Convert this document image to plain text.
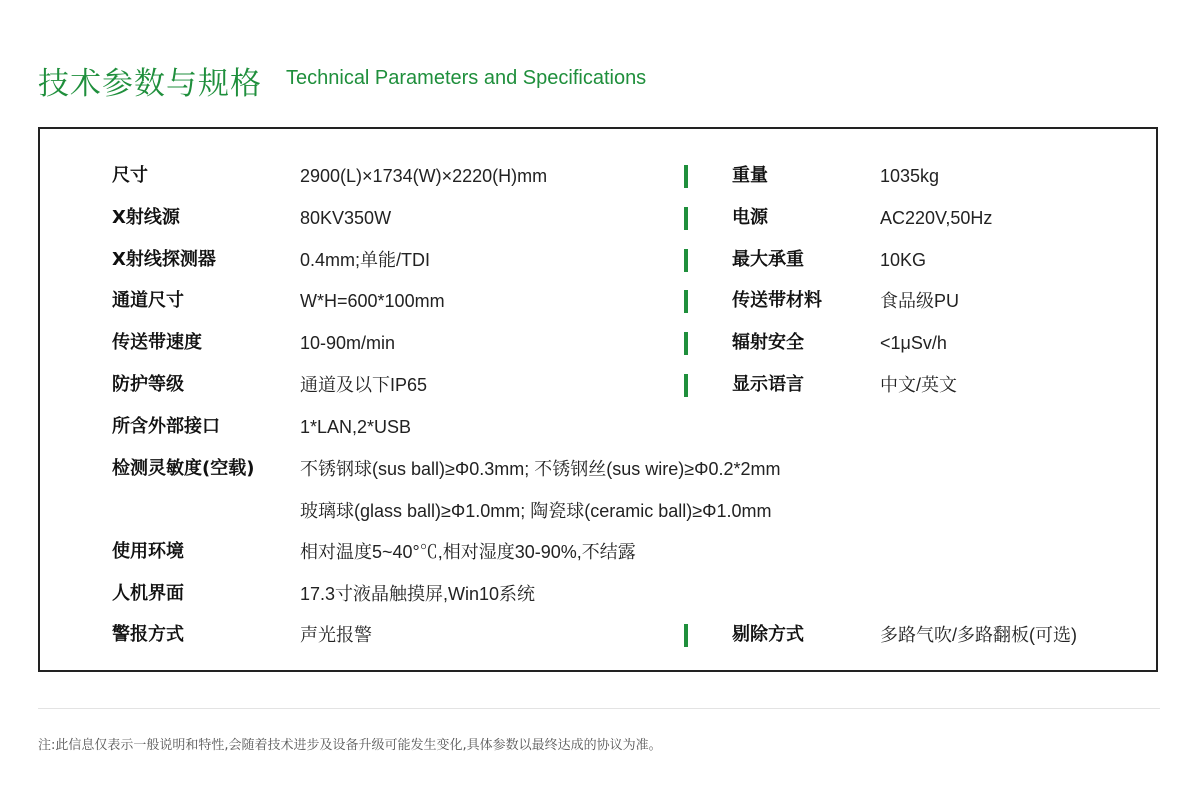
技术参数与规格 Technical Parameters and Specifications
尺寸	2900(L)×1734(W)×2220(H)mm	重量	1035kg
X射线源	80KV350W	电源	AC220V,50Hz
X射线探测器	0.4mm;单能/TDI	最大承重	10KG
通道尺寸	W*H=600*100mm	传送带材料	食品级PU
传送带速度	10-90m/min	辐射安全	<1μSv/h
防护等级	通道及以下IP65	显示语言	中文/英文
所含外部接口	1*LAN,2*USB
检测灵敏度(空载)	不锈钢球(sus ball)≥Φ0.3mm; 不锈钢丝(sus wire)≥Φ0.2*2mm
玻璃球(glass ball)≥Φ1.0mm; 陶瓷球(ceramic ball)≥Φ1.0mm
使用环境	相对温度5~40°℃,相对湿度30-90%,不结露
人机界面	17.3寸液晶触摸屏,Win10系统
警报方式	声光报警	剔除方式	多路气吹/多路翻板(可选)
注:此信息仅表示一般说明和特性,会随着技术进步及设备升级可能发生变化,具体参数以最终达成的协议为准。
